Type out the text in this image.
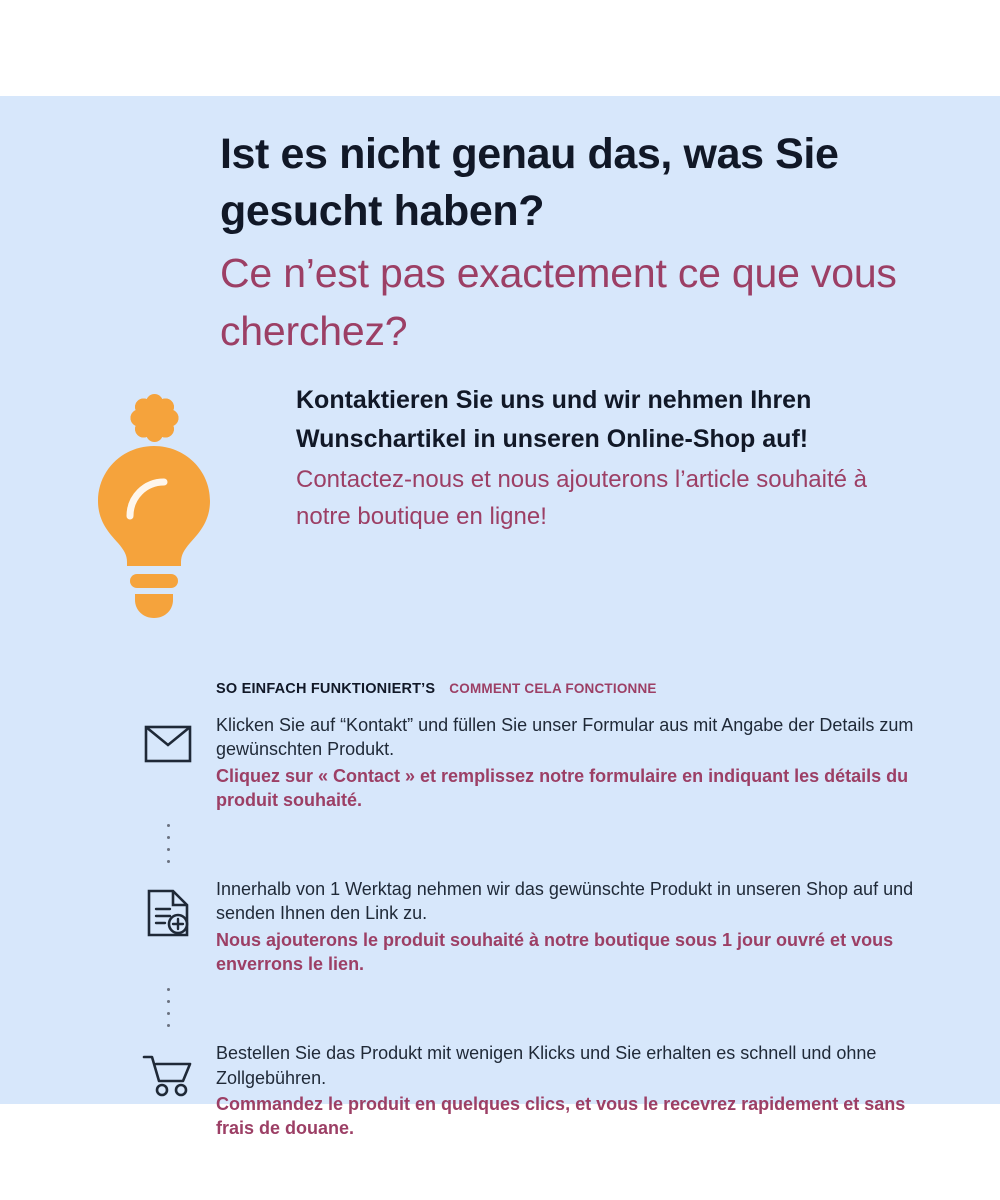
Ist es nicht genau das, was Sie gesucht haben?
Ce n’est pas exactement ce que vous cherchez?

Kontaktieren Sie uns und wir nehmen Ihren Wunschartikel in unseren Online-Shop auf!

Contactez-nous et nous ajouterons l’article souhaité à notre boutique en ligne!

SO EINFACH FUNKTIONIERT’S COMMENT CELA FONCTIONNE

Klicken Sie auf “Kontakt” und füllen Sie unser Formular aus mit Angabe der Details zum gewünschten Produkt.

Cliquez sur « Contact » et remplissez notre formulaire en indiquant les détails du produit souhaité.

Innerhalb von 1 Werktag nehmen wir das gewünschte Produkt in unseren Shop auf und senden Ihnen den Link zu.

Nous ajouterons le produit souhaité à notre boutique sous 1 jour ouvré et vous enverrons le lien.

Bestellen Sie das Produkt mit wenigen Klicks und Sie erhalten es schnell und ohne Zollgebühren.

Commandez le produit en quelques clics, et vous le recevrez rapidement et sans frais de douane.
